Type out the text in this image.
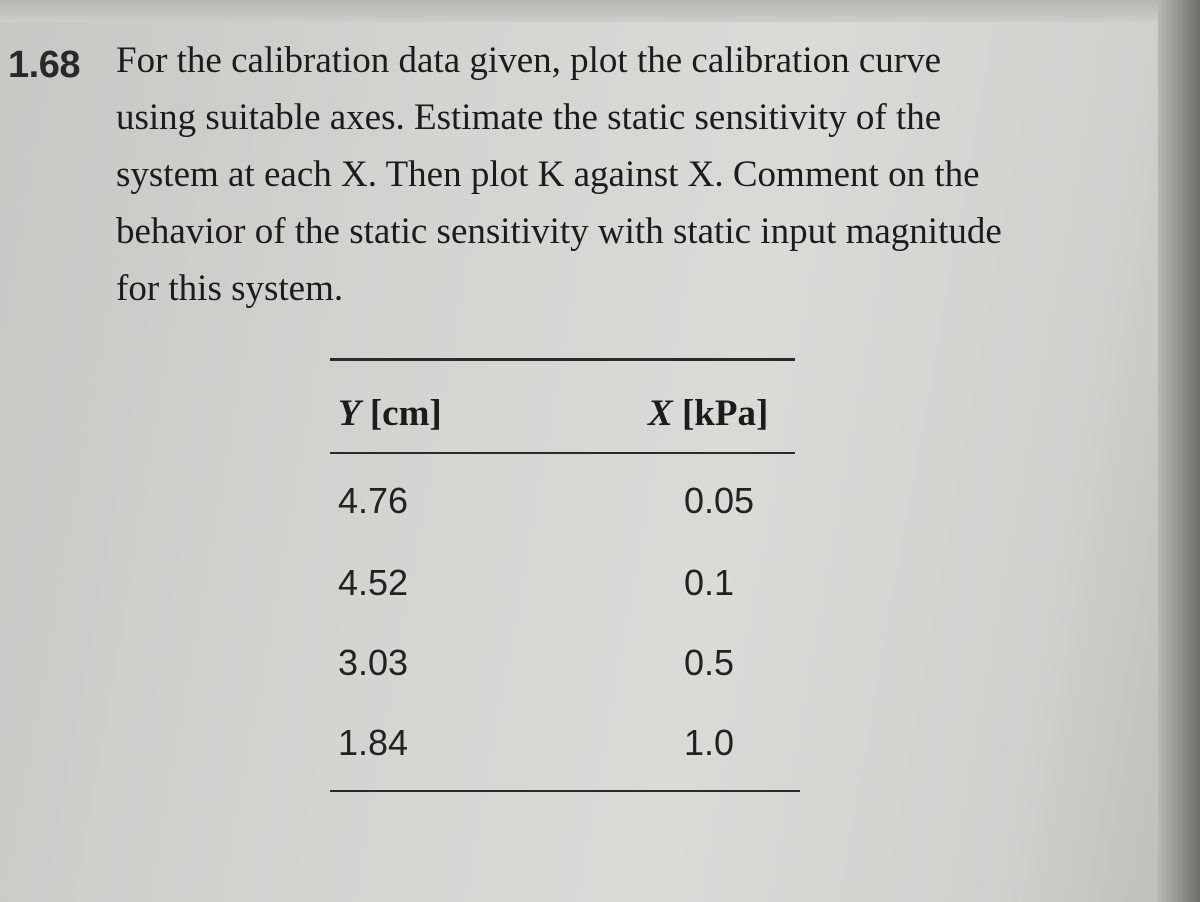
1.68 For the calibration data given, plot the calibration curve
using suitable axes. Estimate the static sensitivity of the
system at each X. Then plot K against X. Comment on the
behavior of the static sensitivity with static input magnitude
for this system.
Y [cm]	X [kPa]
4.76	0.05
4.52	0.1
3.03	0.5
1.84	1.0
